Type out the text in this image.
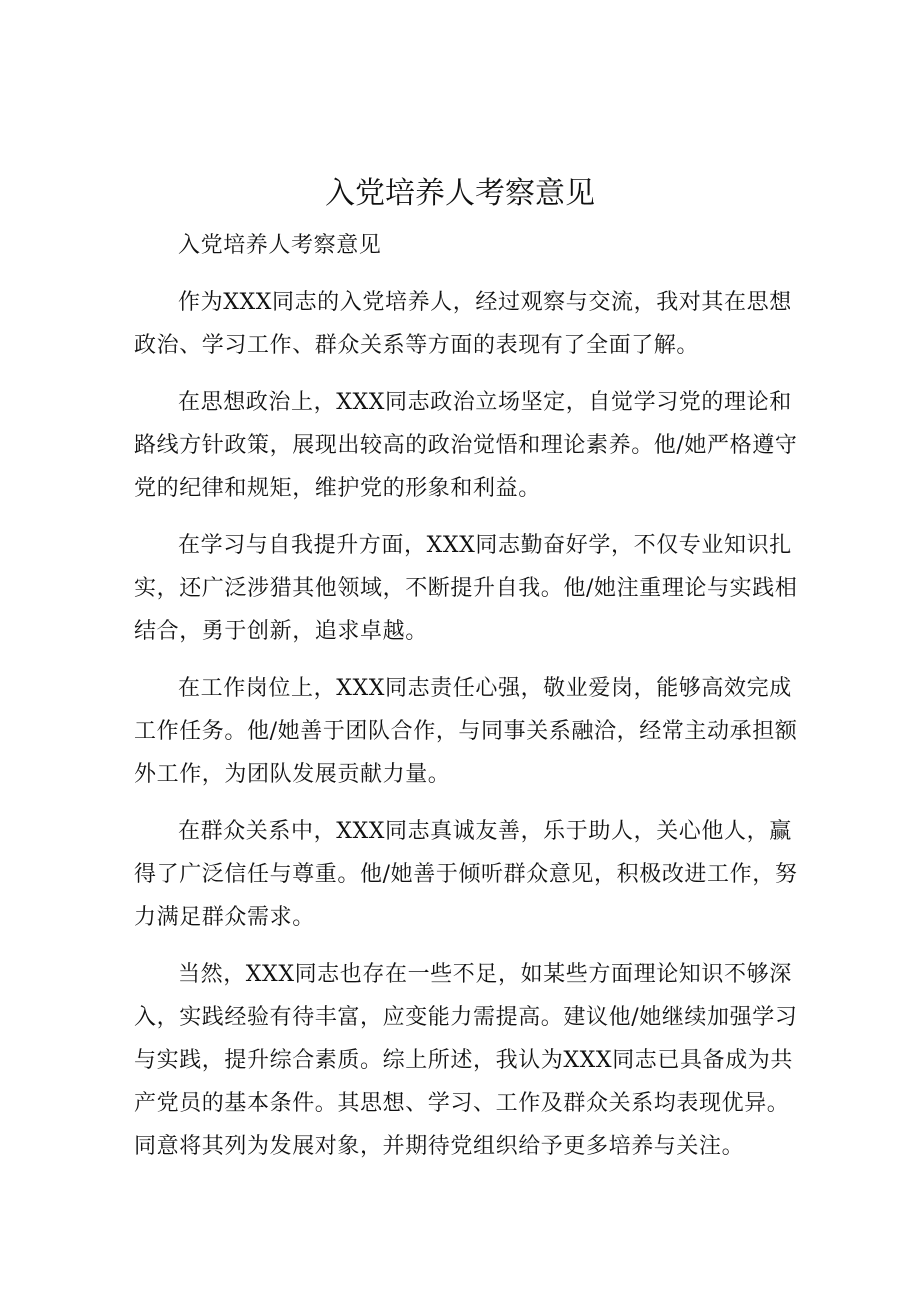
入党培养人考察意见

入党培养人考察意见

作为XXX同志的入党培养人，经过观察与交流，我对其在思想政治、学习工作、群众关系等方面的表现有了全面了解。

在思想政治上，XXX同志政治立场坚定，自觉学习党的理论和路线方针政策，展现出较高的政治觉悟和理论素养。他/她严格遵守党的纪律和规矩，维护党的形象和利益。

在学习与自我提升方面，XXX同志勤奋好学，不仅专业知识扎实，还广泛涉猎其他领域，不断提升自我。他/她注重理论与实践相结合，勇于创新，追求卓越。

在工作岗位上，XXX同志责任心强，敬业爱岗，能够高效完成工作任务。他/她善于团队合作，与同事关系融洽，经常主动承担额外工作，为团队发展贡献力量。

在群众关系中，XXX同志真诚友善，乐于助人，关心他人，赢得了广泛信任与尊重。他/她善于倾听群众意见，积极改进工作，努力满足群众需求。

当然，XXX同志也存在一些不足，如某些方面理论知识不够深入，实践经验有待丰富，应变能力需提高。建议他/她继续加强学习与实践，提升综合素质。综上所述，我认为XXX同志已具备成为共产党员的基本条件。其思想、学习、工作及群众关系均表现优异。同意将其列为发展对象，并期待党组织给予更多培养与关注。
